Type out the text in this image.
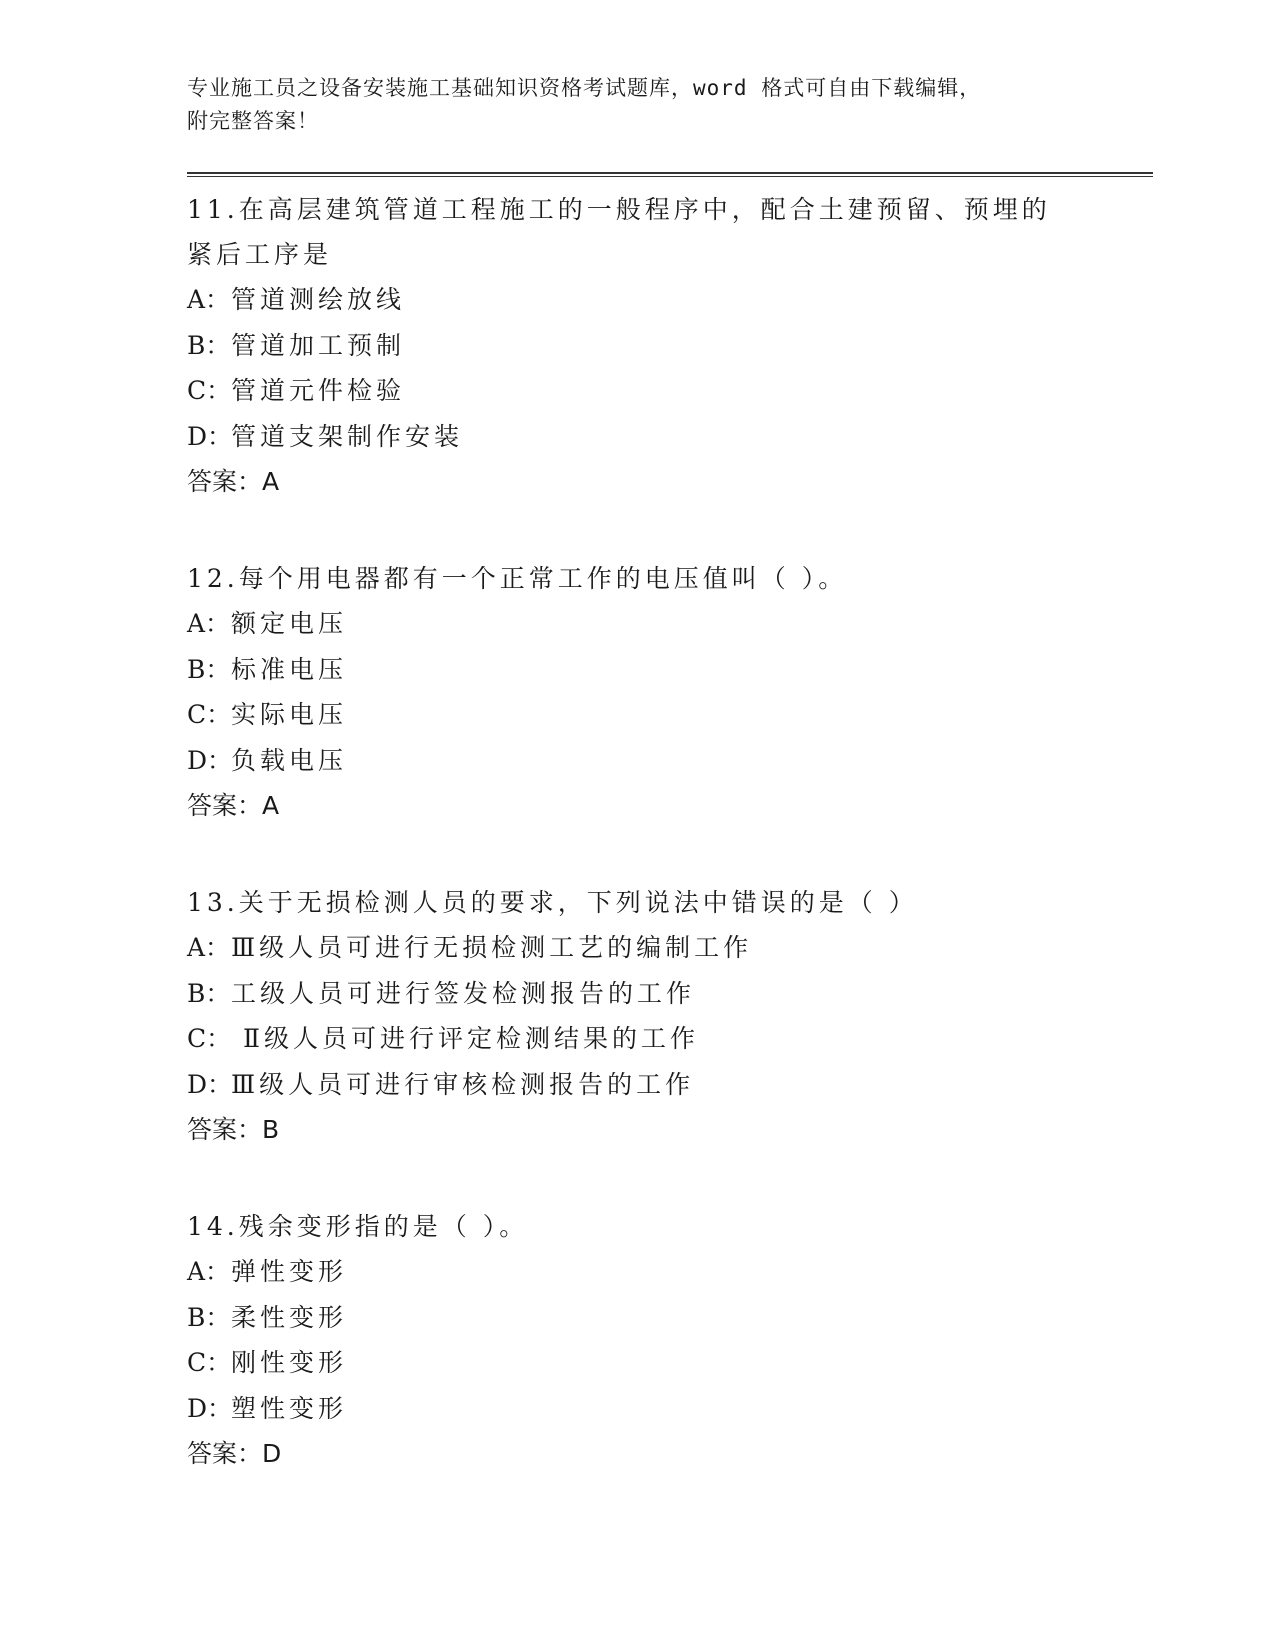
专业施工员之设备安装施工基础知识资格考试题库，word 格式可自由下载编辑，

附完整答案！

11.在高层建筑管道工程施工的一般程序中，配合土建预留、预埋的紧后工序是

A：管道测绘放线

B：管道加工预制

C：管道元件检验

D：管道支架制作安装

答案：A

12.每个用电器都有一个正常工作的电压值叫（ ）。

A：额定电压

B：标准电压

C：实际电压

D：负载电压

答案：A

13.关于无损检测人员的要求，下列说法中错误的是（ ）

A：Ⅲ级人员可进行无损检测工艺的编制工作

B：工级人员可进行签发检测报告的工作

C： Ⅱ级人员可进行评定检测结果的工作

D：Ⅲ级人员可进行审核检测报告的工作

答案：B

14.残余变形指的是（ ）。

A：弹性变形

B：柔性变形

C：刚性变形

D：塑性变形

答案：D
